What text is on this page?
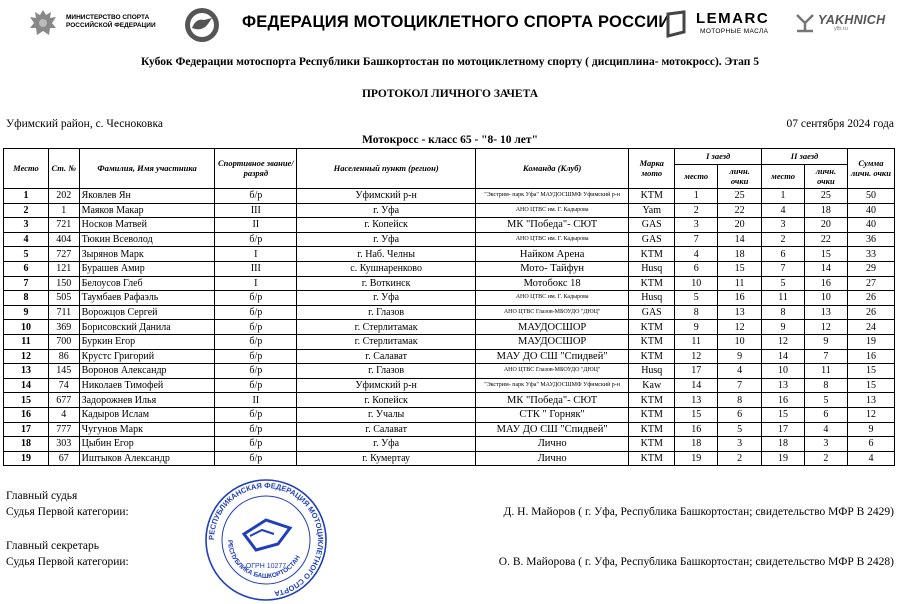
МИНИСТЕРСТВО СПОРТА
РОССИЙСКОЙ ФЕДЕРАЦИИ	ФЕДЕРАЦИЯ МОТОЦИКЛЕТНОГО СПОРТА РОССИИ LEMARC
МОТОРНЫЕ МАСЛА
YAKHNICH
yfb.ru
Кубок Федерации мотоспорта Республики Башкортостан по мотоциклетному спорту ( дисциплина- мотокросс). Этап 5
ПРОТОКОЛ ЛИЧНОГО ЗАЧЕТА
Уфимский район, с. Чесноковка	07 сентября 2024 года
Мотокросс - класс 65 - "8- 10 лет"
Место	Ст. №	Фамилия, Имя участника	Спортивное звание/разряд	Населенный пункт (регион)	Команда (Клуб)	Марка мото	I заезд		II заезд		Сумма личн. очки
							место	личн. очки	место	личн. очки	
1	202	Яковлев Ян	б/р	Уфимский р-н	"Экстрим- парк Уфа" МАУДОСШМФ Уфимский р-н	KTM	1	25	1	25	50
2	1	Маяков Макар	III	г. Уфа	АНО ЦТВС им. Г. Кадырова	Yam	2	22	4	18	40
3	721	Носков Матвей	II	г. Копейск	МК "Победа"- СЮТ	GAS	3	20	3	20	40
4	404	Тюкин Всеволод	б/р	г. Уфа	АНО ЦТВС им. Г. Кадырова	GAS	7	14	2	22	36
5	727	Зырянов Марк	I	г. Наб. Челны	Найком Арена	KTM	4	18	6	15	33
6	121	Бурашев Амир	III	с. Кушнаренково	Мото- Тайфун	Husq	6	15	7	14	29
7	150	Белоусов Глеб	I	г. Воткинск	Мотобокс 18	KTM	10	11	5	16	27
8	505	Таумбаев Рафаэль	б/р	г. Уфа	АНО ЦТВС им. Г. Кадырова	Husq	5	16	11	10	26
9	711	Ворожцов Сергей	б/р	г. Глазов	АНО ЦТВС Глазов-МБОУДО "ДЮЦ"	GAS	8	13	8	13	26
10	369	Борисовский Данила	б/р	г. Стерлитамак	МАУДОСШОР	KTM	9	12	9	12	24
11	700	Буркин Егор	б/р	г. Стерлитамак	МАУДОСШОР	KTM	11	10	12	9	19
12	86	Крустс Григорий	б/р	г. Салават	МАУ ДО СШ "Спидвей"	KTM	12	9	14	7	16
13	145	Воронов Александр	б/р	г. Глазов	АНО ЦТВС Глазов-МБОУДО "ДЮЦ"	Husq	17	4	10	11	15
14	74	Николаев Тимофей	б/р	Уфимский р-н	"Экстрим- парк Уфа" МАУДОСШМФ Уфимский р-н	Kaw	14	7	13	8	15
15	677	Задорожнев Илья	II	г. Копейск	МК "Победа"- СЮТ	KTM	13	8	16	5	13
16	4	Кадыров Ислам	б/р	г. Учалы	СТК " Горняк"	KTM	15	6	15	6	12
17	777	Чугунов Марк	б/р	г. Салават	МАУ ДО СШ "Спидвей"	KTM	16	5	17	4	9
18	303	Цыбин Егор	б/р	г. Уфа	Лично	KTM	18	3	18	3	6
19	67	Иштыков Александр	б/р	г. Кумертау	Лично	KTM	19	2	19	2	4
Главный судья
Судья Первой категории:	Д. Н. Майоров ( г. Уфа, Республика Башкортостан; свидетельство МФР В 2429)
Главный секретарь
Судья Первой категории:	О. В. Майорова ( г. Уфа, Республика Башкортостан; свидетельство МФР В 2428)
РЕСПУБЛИКАНСКАЯ ФЕДЕРАЦИЯ МОТОЦИКЛЕТНОГО СПОРТА
РЕСПУБЛИКА БАШКОРТОСТАН
ОГРН 10277
